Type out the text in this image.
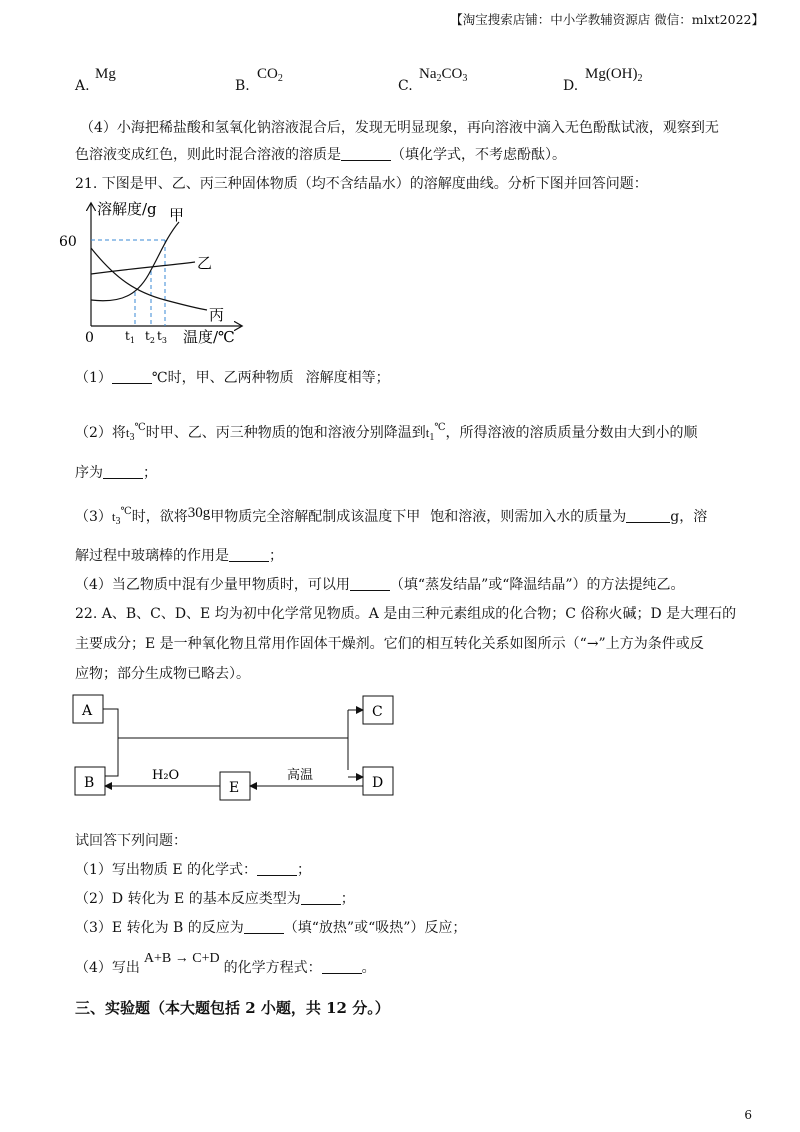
【淘宝搜索店铺：中小学教辅资源店 微信：mlxt2022】
A.
Mg
B.
$CO_2$	C.
$Na_2CO_3$	D.
$Mg(OH)_2$
（4）小海把稀盐酸和氢氧化钠溶液混合后，发现无明显现象，再向溶液中滴入无色酚酞试液，观察到无
色溶液变成红色，则此时混合溶液的溶质是	（填化学式，不考虑酚酞）。
21. 下图是甲、乙、丙三种固体物质（均不含结晶水）的溶解度曲线。分析下图并回答问题：
溶解度/g
60
0	温度/℃
甲
乙
丙
$t_1$ $t_2$ $t_3$
（1）	℃时，甲、乙两种物质 溶解度相等；
（2）将$t_3^℃$时甲、乙、丙三种物质的饱和溶液分别降温到$t_1^℃$，所得溶液的溶质质量分数由大到小的顺
序为	；
$(3)t_3^℃$时，欲将30g甲物质完全溶解配制成该温度下甲 饱和溶液，则需加入水的质量为	g，溶
解过程中玻璃棒的作用是	；
（4）当乙物质中混有少量甲物质时，可以用	（填“蒸发结晶”或“降温结晶”）的方法提纯乙。
22. A、B、C、D、E 均为初中化学常见物质。A 是由三种元素组成的化合物；C 俗称火碱；D 是大理石的
主要成分；E 是一种氧化物且常用作固体干燥剂。它们的相互转化关系如图所示（“→”上方为条件或反
应物；部分生成物已略去）。
A
B	E
C
D
H₂O	高温
试回答下列问题：
（1）写出物质 E 的化学式：	；
（2）D 转化为 E 的基本反应类型为	；
（3）E 转化为 B 的反应为	（填“放热”或“吸热”）反应；
（4）写出A+B → C+D的化学方程式：	。
三、实验题（本大题包括 2 小题，共 12 分。）
6
